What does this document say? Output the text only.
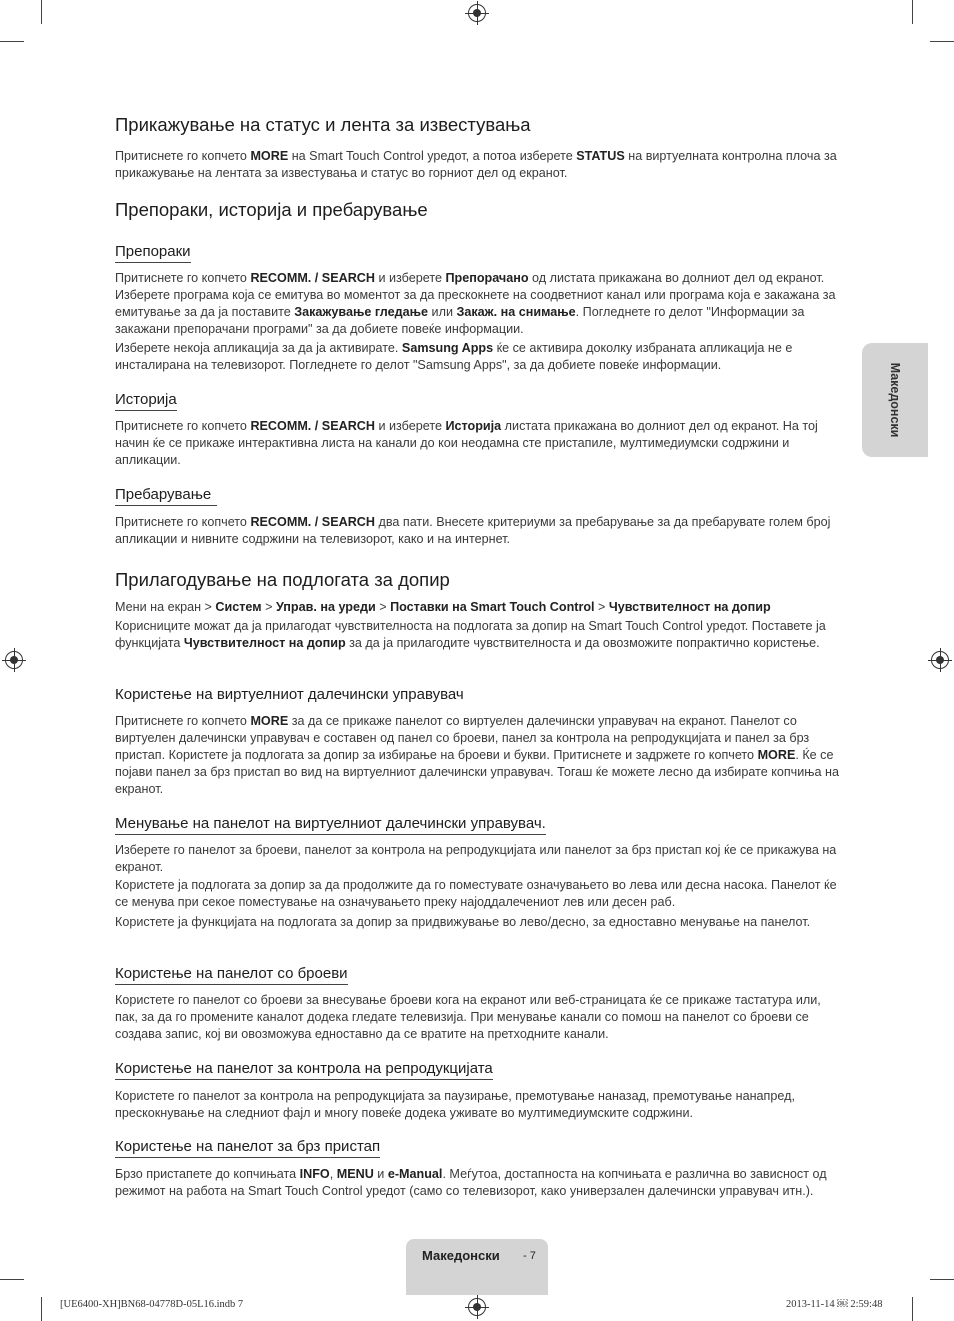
Прикажување на статус и лента за известувања

Притиснете го копчето MORE на Smart Touch Control уредот, а потоа изберете STATUS на виртуелната контролна плоча за прикажување на лентата за известувања и статус во горниот дел од екранот.

Препораки, историја и пребарување
Препораки

Притиснете го копчето RECOMM. / SEARCH и изберете Препорачано од листата прикажана во долниот дел од екранот. Изберете програма која се емитува во моментот за да прескокнете на соодветниот канал или програма која е закажана за емитување за да ја поставите Закажување гледање или Закаж. на снимање. Погледнете го делот "Информации за закажани препорачани програми" за да добиете повеќе информации.

Изберете некоја апликација за да ја активирате. Samsung Apps ќе се активира доколку избраната апликација не е инсталирана на телевизорот. Погледнете го делот "Samsung Apps", за да добиете повеќе информации.

Историја

Притиснете го копчето RECOMM. / SEARCH и изберете Историја листата прикажана во долниот дел од екранот. На тој начин ќе се прикаже интерактивна листа на канали до кои неодамна сте пристапиле, мултимедиумски содржини и апликации.

Пребарување

Притиснете го копчето RECOMM. / SEARCH два пати. Внесете критериуми за пребарување за да пребарувате голем број апликации и нивните содржини на телевизорот, како и на интернет.

Прилагодување на подлогата за допир

Мени на екран > Систем > Управ. на уреди > Поставки на Smart Touch Control > Чувствителност на допир

Корисниците можат да ја прилагодат чувствителноста на подлогата за допир на Smart Touch Control уредот. Поставете ја функцијата Чувствителност на допир за да ја прилагодите чувствителноста и да овозможите попрактично користење.

Користење на виртуелниот далечински управувач

Притиснете го копчето MORE за да се прикаже панелот со виртуелен далечински управувач на екранот. Панелот со виртуелен далечински управувач е составен од панел со броеви, панел за контрола на репродукцијата и панел за брз пристап. Користете ја подлогата за допир за избирање на броеви и букви. Притиснете и задржете го копчето MORE. Ќе се појави панел за брз пристап во вид на виртуелниот далечински управувач. Тогаш ќе можете лесно да избирате копчиња на екранот.

Менување на панелот на виртуелниот далечински управувач.

Изберете го панелот за броеви, панелот за контрола на репродукцијата или панелот за брз пристап кој ќе се прикажува на екранот.

Користете ја подлогата за допир за да продолжите да го поместувате означувањето во лева или десна насока. Панелот ќе се менува при секое поместување на означувањето преку најоддалечениот лев или десен раб.

Користете ја функцијата на подлогата за допир за придвижување во лево/десно, за едноставно менување на панелот.

Користење на панелот со броеви

Користете го панелот со броеви за внесување броеви кога на екранот или веб-страницата ќе се прикаже тастатура или, пак, за да го промените каналот додека гледате телевизија. При менување канали со помош на панелот со броеви се создава запис, кој ви овозможува едноставно да се вратите на претходните канали.

Користење на панелот за контрола на репродукцијата

Користете го панелот за контрола на репродукцијата за паузирање, премотување наназад, премотување нанапред, прескокнување на следниот фајл и многу повеќе додека уживате во мултимедиумските содржини.

Користење на панелот за брз пристап

Брзо пристапете до копчињата INFO, MENU и e-Manual. Меѓутоа, достапноста на копчињата е различна во зависност од режимот на работа на Smart Touch Control уредот (само со телевизорот, како универзален далечински управувач итн.).

Македонски
Македонски - 7
[UE6400-XH]BN68-04778D-05L16.indb 7	2013-11-14 ￼ 2:59:48
